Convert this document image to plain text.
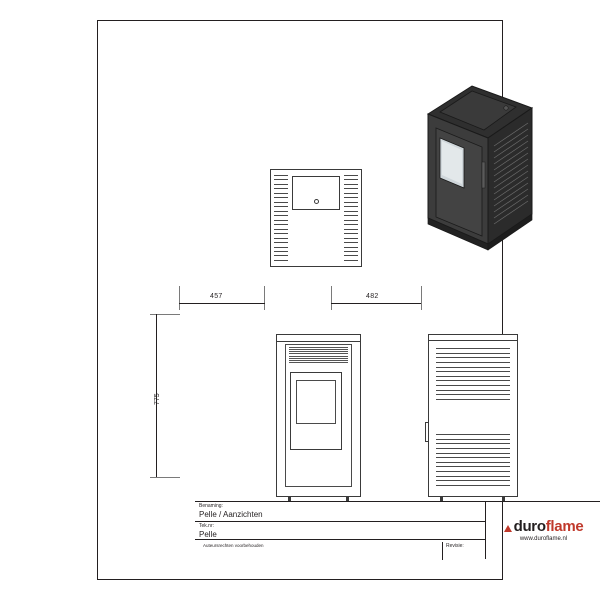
457	482
775
Benaming:
Pelle / Aanzichten
Tek.nr:
Pelle
Revisie:
Auteursrechten voorbehouden
duroflame
www.duroflame.nl
